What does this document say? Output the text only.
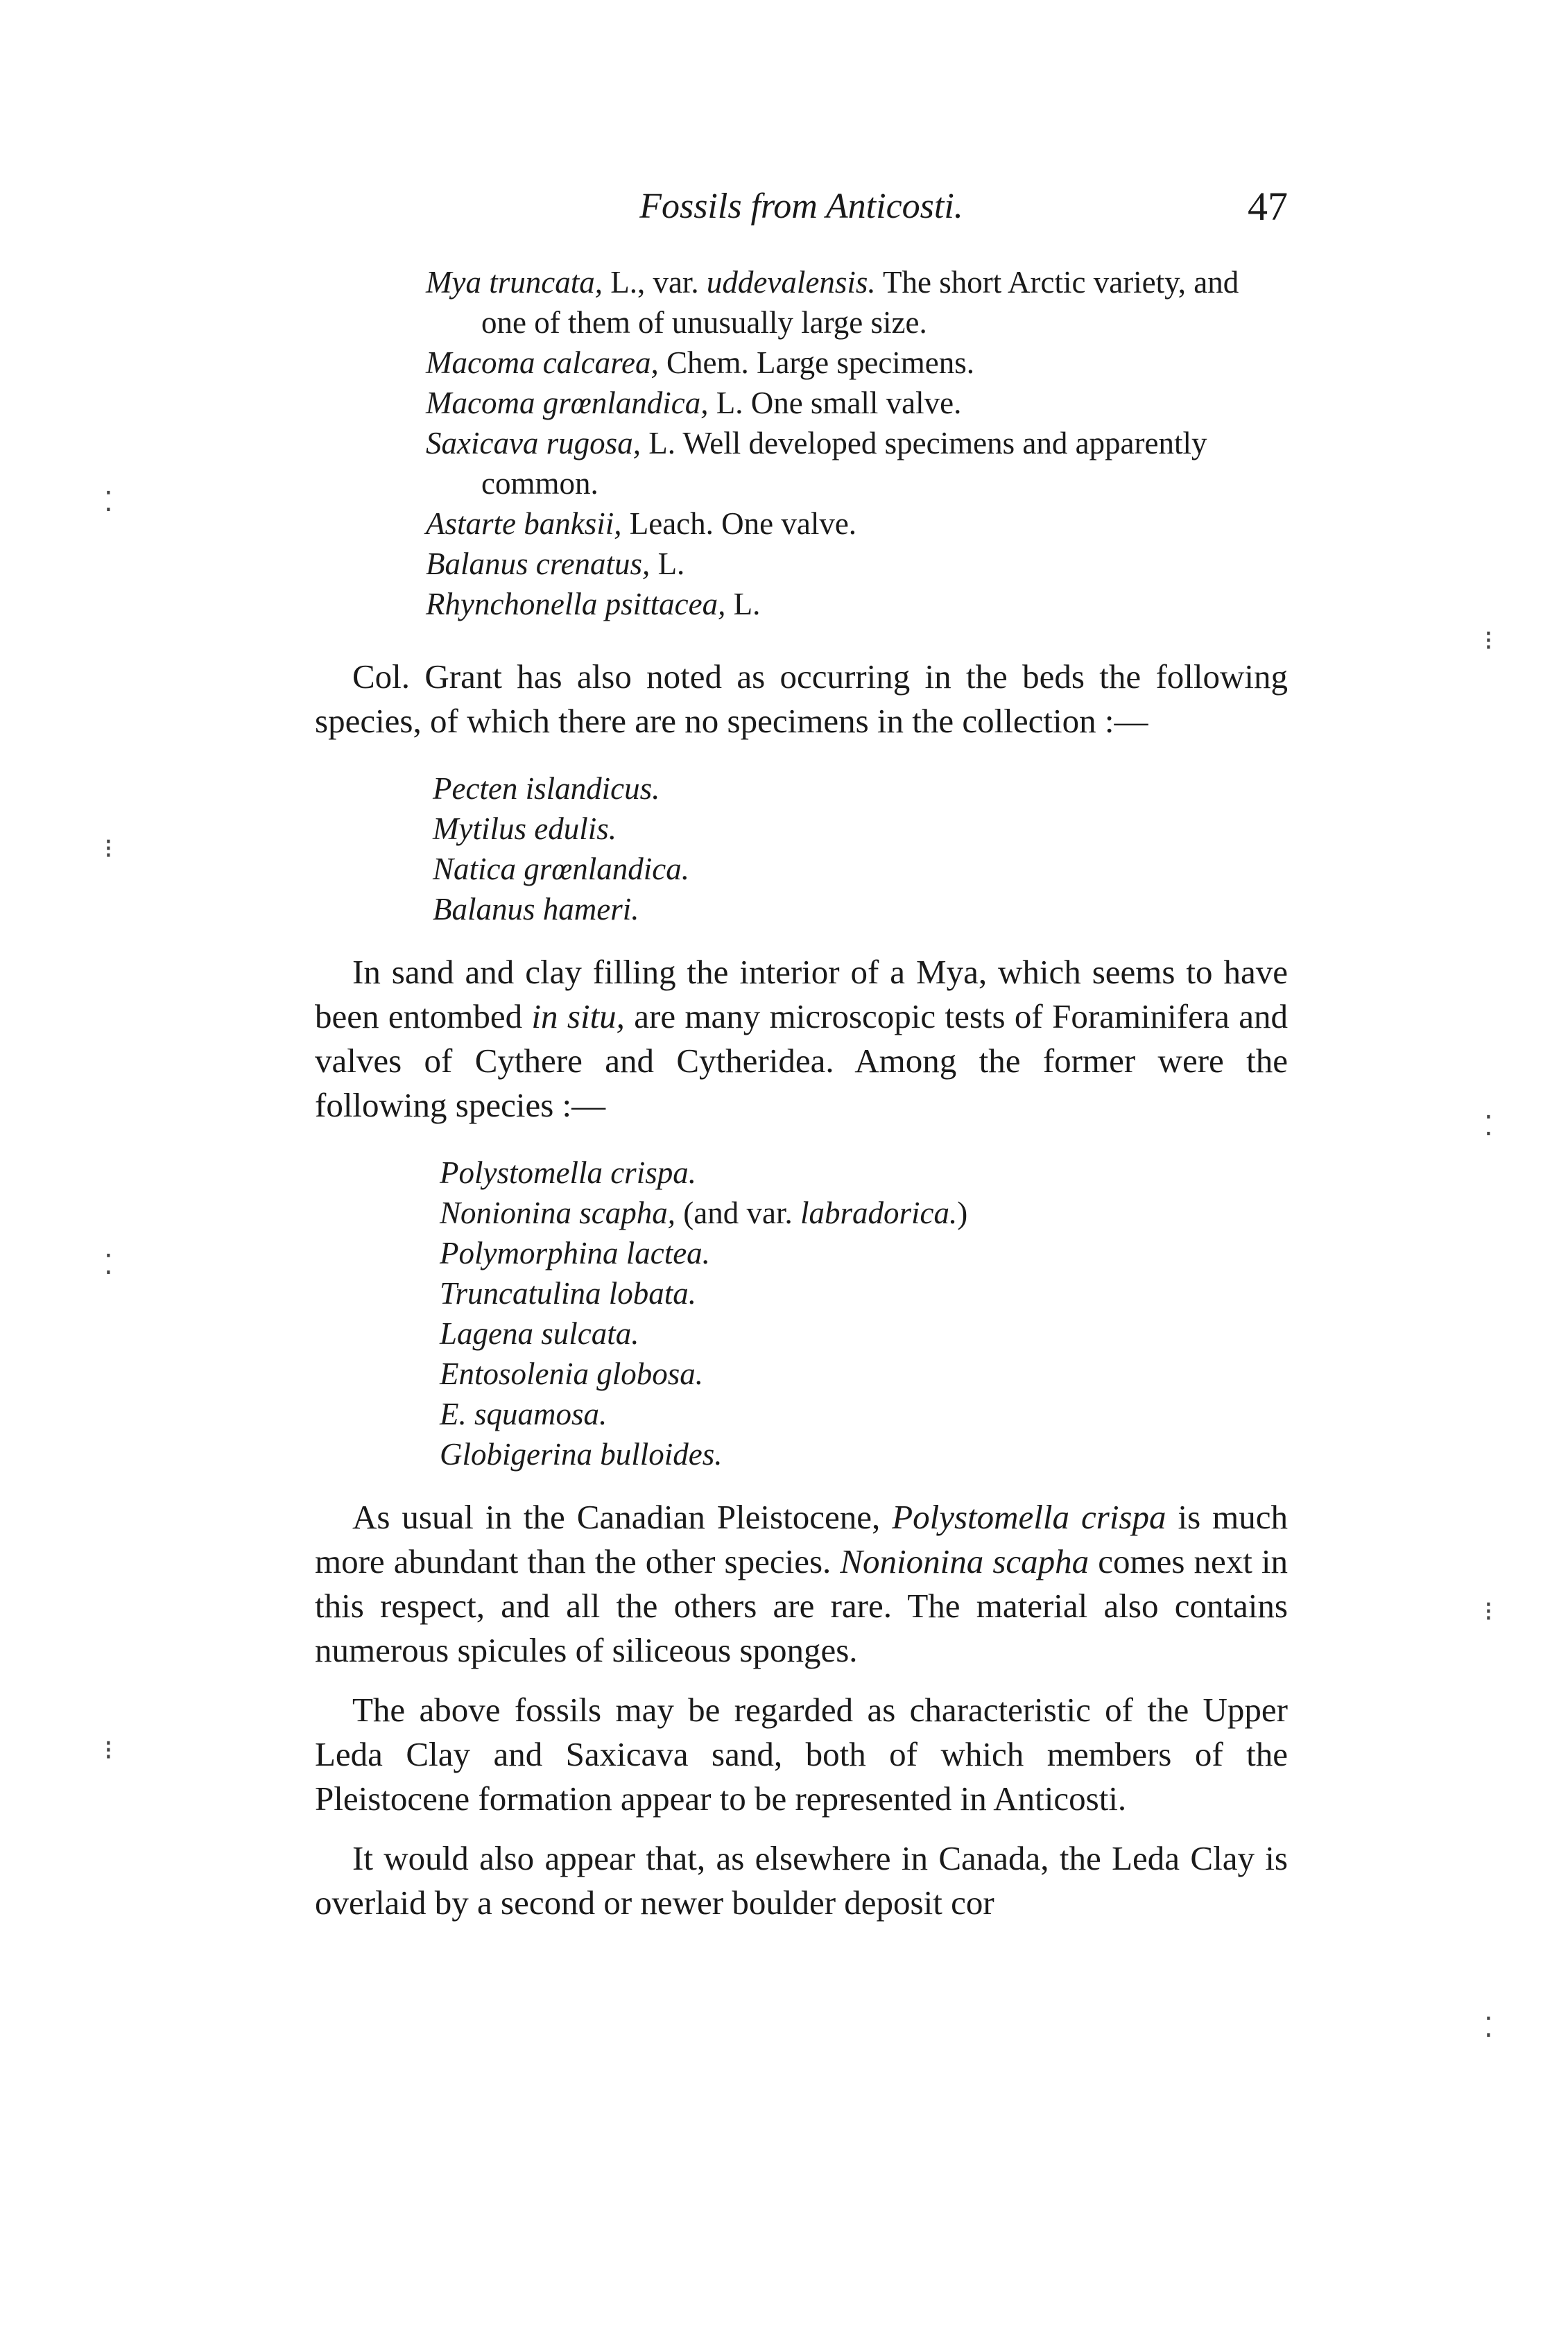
Fossils from Anticosti.	47
Mya truncata, L., var. uddevalensis. The short Arctic variety, and one of them of unusually large size.
Macoma calcarea, Chem. Large specimens.
Macoma grœnlandica, L. One small valve.
Saxicava rugosa, L. Well developed specimens and apparently common.
Astarte banksii, Leach. One valve.
Balanus crenatus, L.
Rhynchonella psittacea, L.

Col. Grant has also noted as occurring in the beds the following species, of which there are no specimens in the collection :—

Pecten islandicus.
Mytilus edulis.
Natica grœnlandica.
Balanus hameri.

In sand and clay filling the interior of a Mya, which seems to have been entombed in situ, are many microscopic tests of Foraminifera and valves of Cythere and Cytheridea. Among the former were the following species :—

Polystomella crispa.
Nonionina scapha, (and var. labradorica.)
Polymorphina lactea.
Truncatulina lobata.
Lagena sulcata.
Entosolenia globosa.
E. squamosa.
Globigerina bulloides.

As usual in the Canadian Pleistocene, Polystomella crispa is much more abundant than the other species. Nonionina scapha comes next in this respect, and all the others are rare. The material also contains numerous spicules of siliceous sponges.

The above fossils may be regarded as characteristic of the Upper Leda Clay and Saxicava sand, both of which members of the Pleistocene formation appear to be represented in Anticosti.

It would also appear that, as elsewhere in Canada, the Leda Clay is overlaid by a second or newer boulder deposit cor

⁚
⁝
⁚
⁝
⁝
⁚
⁝
⁚
